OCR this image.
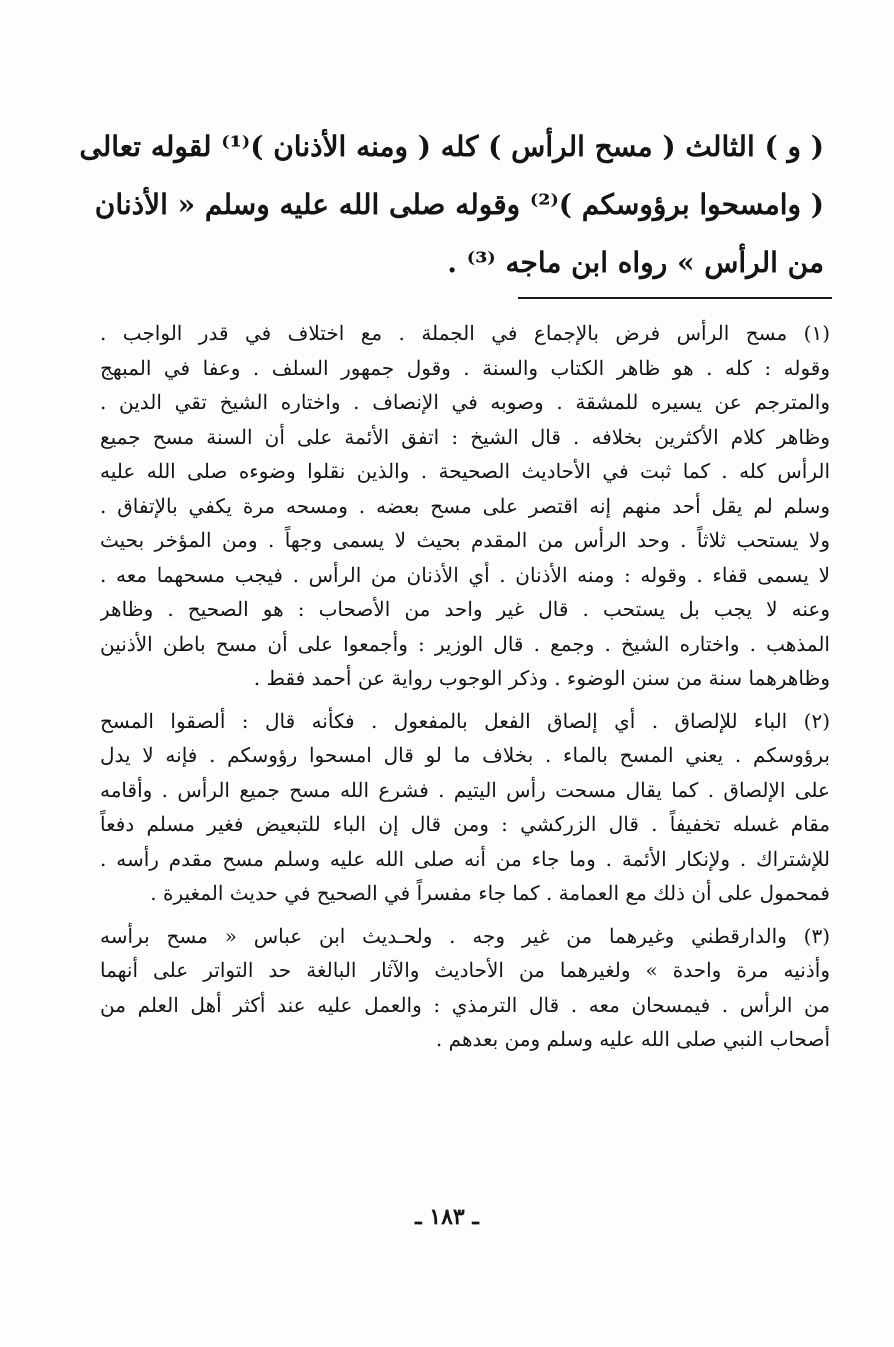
( و ) الثالث ( مسح الرأس ) كله ( ومنه الأذنان )⁽¹⁾ لقوله تعالى
( وامسحوا برؤوسكم )⁽²⁾ وقوله صلى الله عليه وسلم « الأذنان
من الرأس » رواه ابن ماجه ⁽³⁾ .
(١) مسح الرأس فرض بالإجماع في الجملة . مع اختلاف في قدر الواجب .
وقوله : كله . هو ظاهر الكتاب والسنة . وقول جمهور السلف . وعفا في المبهج
والمترجم عن يسيره للمشقة . وصوبه في الإنصاف . واختاره الشيخ تقي الدين .
وظاهر كلام الأكثرين بخلافه . قال الشيخ : اتفق الأئمة على أن السنة مسح جميع
الرأس كله . كما ثبت في الأحاديث الصحيحة . والذين نقلوا وضوءه صلى الله عليه
وسلم لم يقل أحد منهم إنه اقتصر على مسح بعضه . ومسحه مرة يكفي بالإتفاق .
ولا يستحب ثلاثاً . وحد الرأس من المقدم بحيث لا يسمى وجهاً . ومن المؤخر بحيث
لا يسمى قفاء . وقوله : ومنه الأذنان . أي الأذنان من الرأس . فيجب مسحهما معه .
وعنه لا يجب بل يستحب . قال غير واحد من الأصحاب : هو الصحيح . وظاهر
المذهب . واختاره الشيخ . وجمع . قال الوزير : وأجمعوا على أن مسح باطن الأذنين
وظاهرهما سنة من سنن الوضوء . وذكر الوجوب رواية عن أحمد فقط .
(٢) الباء للإلصاق . أي إلصاق الفعل بالمفعول . فكأنه قال : ألصقوا المسح
برؤوسكم . يعني المسح بالماء . بخلاف ما لو قال امسحوا رؤوسكم . فإنه لا يدل
على الإلصاق . كما يقال مسحت رأس اليتيم . فشرع الله مسح جميع الرأس . وأقامه
مقام غسله تخفيفاً . قال الزركشي : ومن قال إن الباء للتبعيض فغير مسلم دفعاً
للإشتراك . ولإنكار الأئمة . وما جاء من أنه صلى الله عليه وسلم مسح مقدم رأسه .
فمحمول على أن ذلك مع العمامة . كما جاء مفسراً في الصحيح في حديث المغيرة .
(٣) والدارقطني وغيرهما من غير وجه . ولحـديث ابن عباس « مسح برأسه
وأذنيه مرة واحدة » ولغيرهما من الأحاديث والآثار البالغة حد التواتر على أنهما
من الرأس . فيمسحان معه . قال الترمذي : والعمل عليه عند أكثر أهل العلم من
أصحاب النبي صلى الله عليه وسلم ومن بعدهم .
ـ ١٨٣ ـ
